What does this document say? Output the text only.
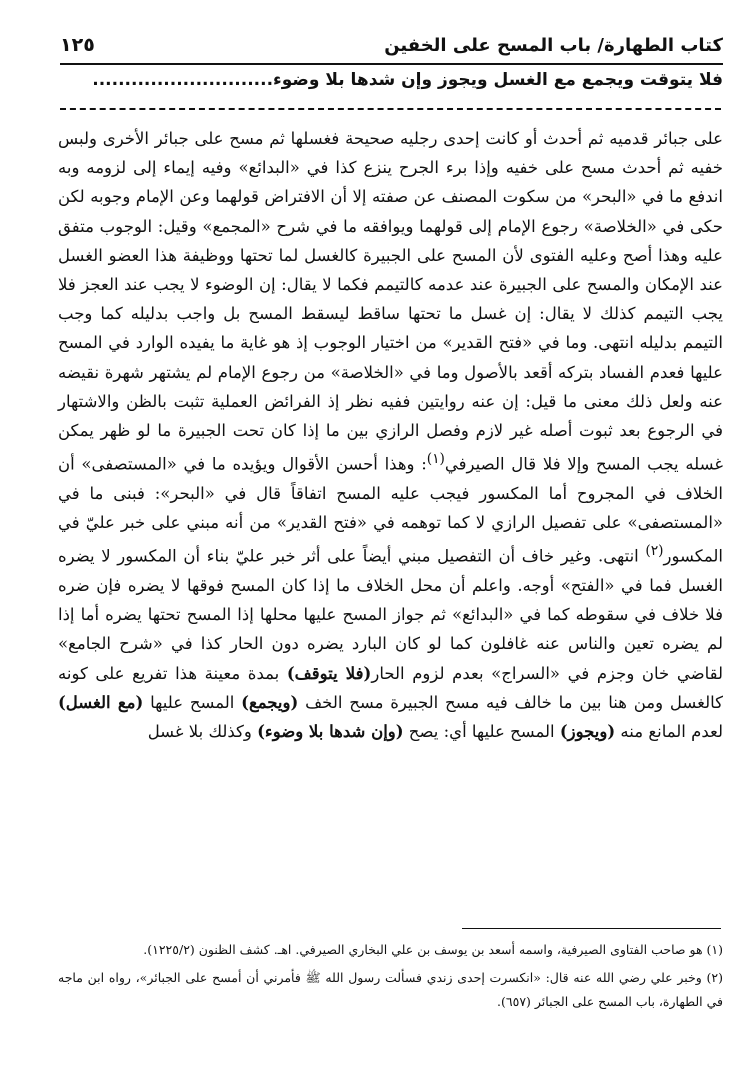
كتاب الطهارة/ باب المسح على الخفين
١٢٥
فلا يتوقت ويجمع مع الغسل ويجوز وإن شدها بلا وضوء............................

على جبائر قدميه ثم أحدث أو كانت إحدى رجليه صحيحة فغسلها ثم مسح على جبائر الأخرى ولبس خفيه ثم أحدث مسح على خفيه وإذا برء الجرح ينزع كذا في «البدائع» وفيه إيماء إلى لزومه وبه اندفع ما في «البحر» من سكوت المصنف عن صفته إلا أن الافتراض قولهما وعن الإمام وجوبه لكن حكى في «الخلاصة» رجوع الإمام إلى قولهما ويوافقه ما في شرح «المجمع» وقيل: الوجوب متفق عليه وهذا أصح وعليه الفتوى لأن المسح على الجبيرة كالغسل لما تحتها ووظيفة هذا العضو الغسل عند الإمكان والمسح على الجبيرة عند عدمه كالتيمم فكما لا يقال: إن الوضوء لا يجب عند العجز فلا يجب التيمم كذلك لا يقال: إن غسل ما تحتها ساقط ليسقط المسح بل واجب بدليله كما وجب التيمم بدليله انتهى. وما في «فتح القدير» من اختيار الوجوب إذ هو غاية ما يفيده الوارد في المسح عليها فعدم الفساد بتركه أقعد بالأصول وما في «الخلاصة» من رجوع الإمام لم يشتهر شهرة نقيضه عنه ولعل ذلك معنى ما قيل: إن عنه روايتين ففيه نظر إذ الفرائض العملية تثبت بالظن والاشتهار في الرجوع بعد ثبوت أصله غير لازم وفصل الرازي بين ما إذا كان تحت الجبيرة ما لو ظهر يمكن غسله يجب المسح وإلا فلا قال الصيرفي$^{(١)}$: وهذا أحسن الأقوال ويؤيده ما في «المستصفى» أن الخلاف في المجروح أما المكسور فيجب عليه المسح اتفاقاً قال في «البحر»: فبنى ما في «المستصفى» على تفصيل الرازي لا كما توهمه في «فتح القدير» من أنه مبني على خبر عليّ في المكسور$^{(٢)}$ انتهى. وغير خاف أن التفصيل مبني أيضاً على أثر خبر عليّ بناء أن المكسور لا يضره الغسل فما في «الفتح» أوجه. واعلم أن محل الخلاف ما إذا كان المسح فوقها لا يضره فإن ضره فلا خلاف في سقوطه كما في «البدائع» ثم جواز المسح عليها محلها إذا المسح تحتها يضره أما إذا لم يضره تعين والناس عنه غافلون كما لو كان البارد يضره دون الحار كذا في «شرح الجامع» لقاضي خان وجزم في «السراج» بعدم لزوم الحار(فلا يتوقف) بمدة معينة هذا تفريع على كونه كالغسل ومن هنا بين ما خالف فيه مسح الجبيرة مسح الخف (ويجمع) المسح عليها (مع الغسل) لعدم المانع منه (ويجوز) المسح عليها أي: يصح (وإن شدها بلا وضوء) وكذلك بلا غسل

(١) هو صاحب الفتاوى الصيرفية، واسمه أسعد بن يوسف بن علي البخاري الصيرفي. اهـ. كشف الظنون (١٢٢٥/٢).

(٢) وخبر علي رضي الله عنه قال: «انكسرت إحدى زندي فسألت رسول الله ﷺ فأمرني أن أمسح على الجبائر»، رواه ابن ماجه في الطهارة، باب المسح على الجبائر (٦٥٧).
